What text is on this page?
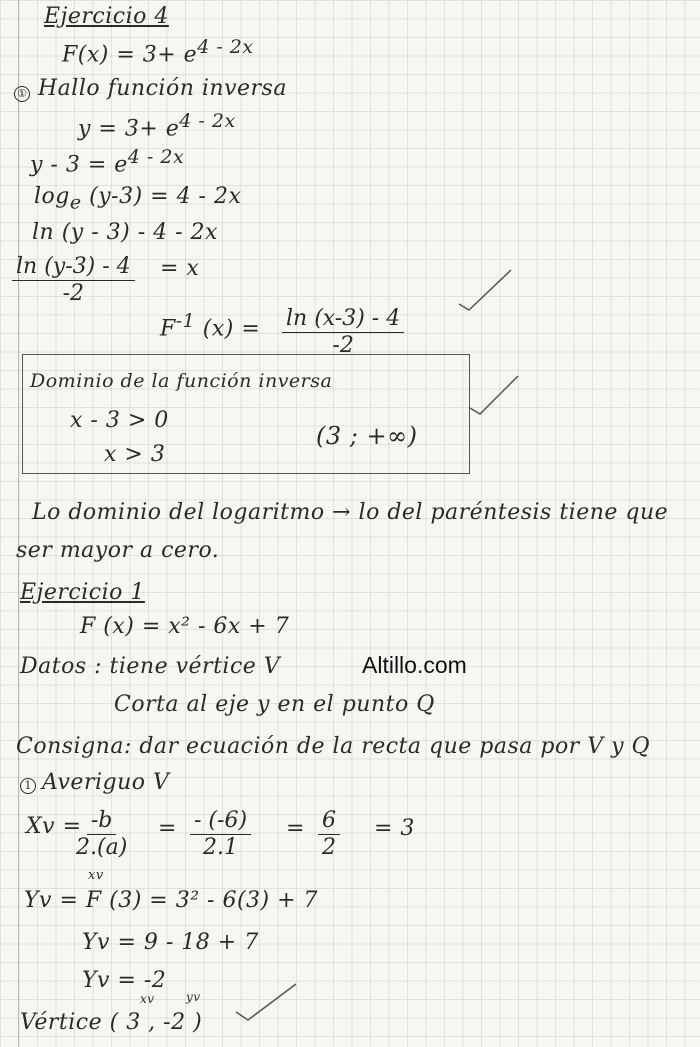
Ejercicio 4
$F(x) = 3+ e^{4 - 2x}$
① Hallo función inversa
$y = 3+ e^{4 - 2x}$
$y - 3 = e^{4 - 2x}$
$\log_e (y-3) = 4 - 2x$
ln (y - 3) - 4 - 2x
$\frac{\ln (y-3) - 4}{-2} = x$
$F^{-1}$ $(x) = \frac{\ln (x-3) - 4}{-2}$
Dominio de la función inversa
x - 3 > 0
x > 3
(3 ; +∞)
Lo dominio del logaritmo → lo del paréntesis tiene que
ser mayor a cero.
Ejercicio 1
F (x) = x² - 6x + 7
Datos : tiene vértice V	Altillo.com
Corta al eje y en el punto Q
Consigna: dar ecuación de la recta que pasa por V y Q
1 Averiguo V
Xv =
$\frac{-b}{2.(a)} = \frac{- (-6)}{2.1} = \frac{6}{2} = 3$
xv
Yv = F (3) = 3² - 6(3) + 7
Yv = 9 - 18 + 7
Yv = -2
xv	yv
Vértice ( 3 , -2 )
